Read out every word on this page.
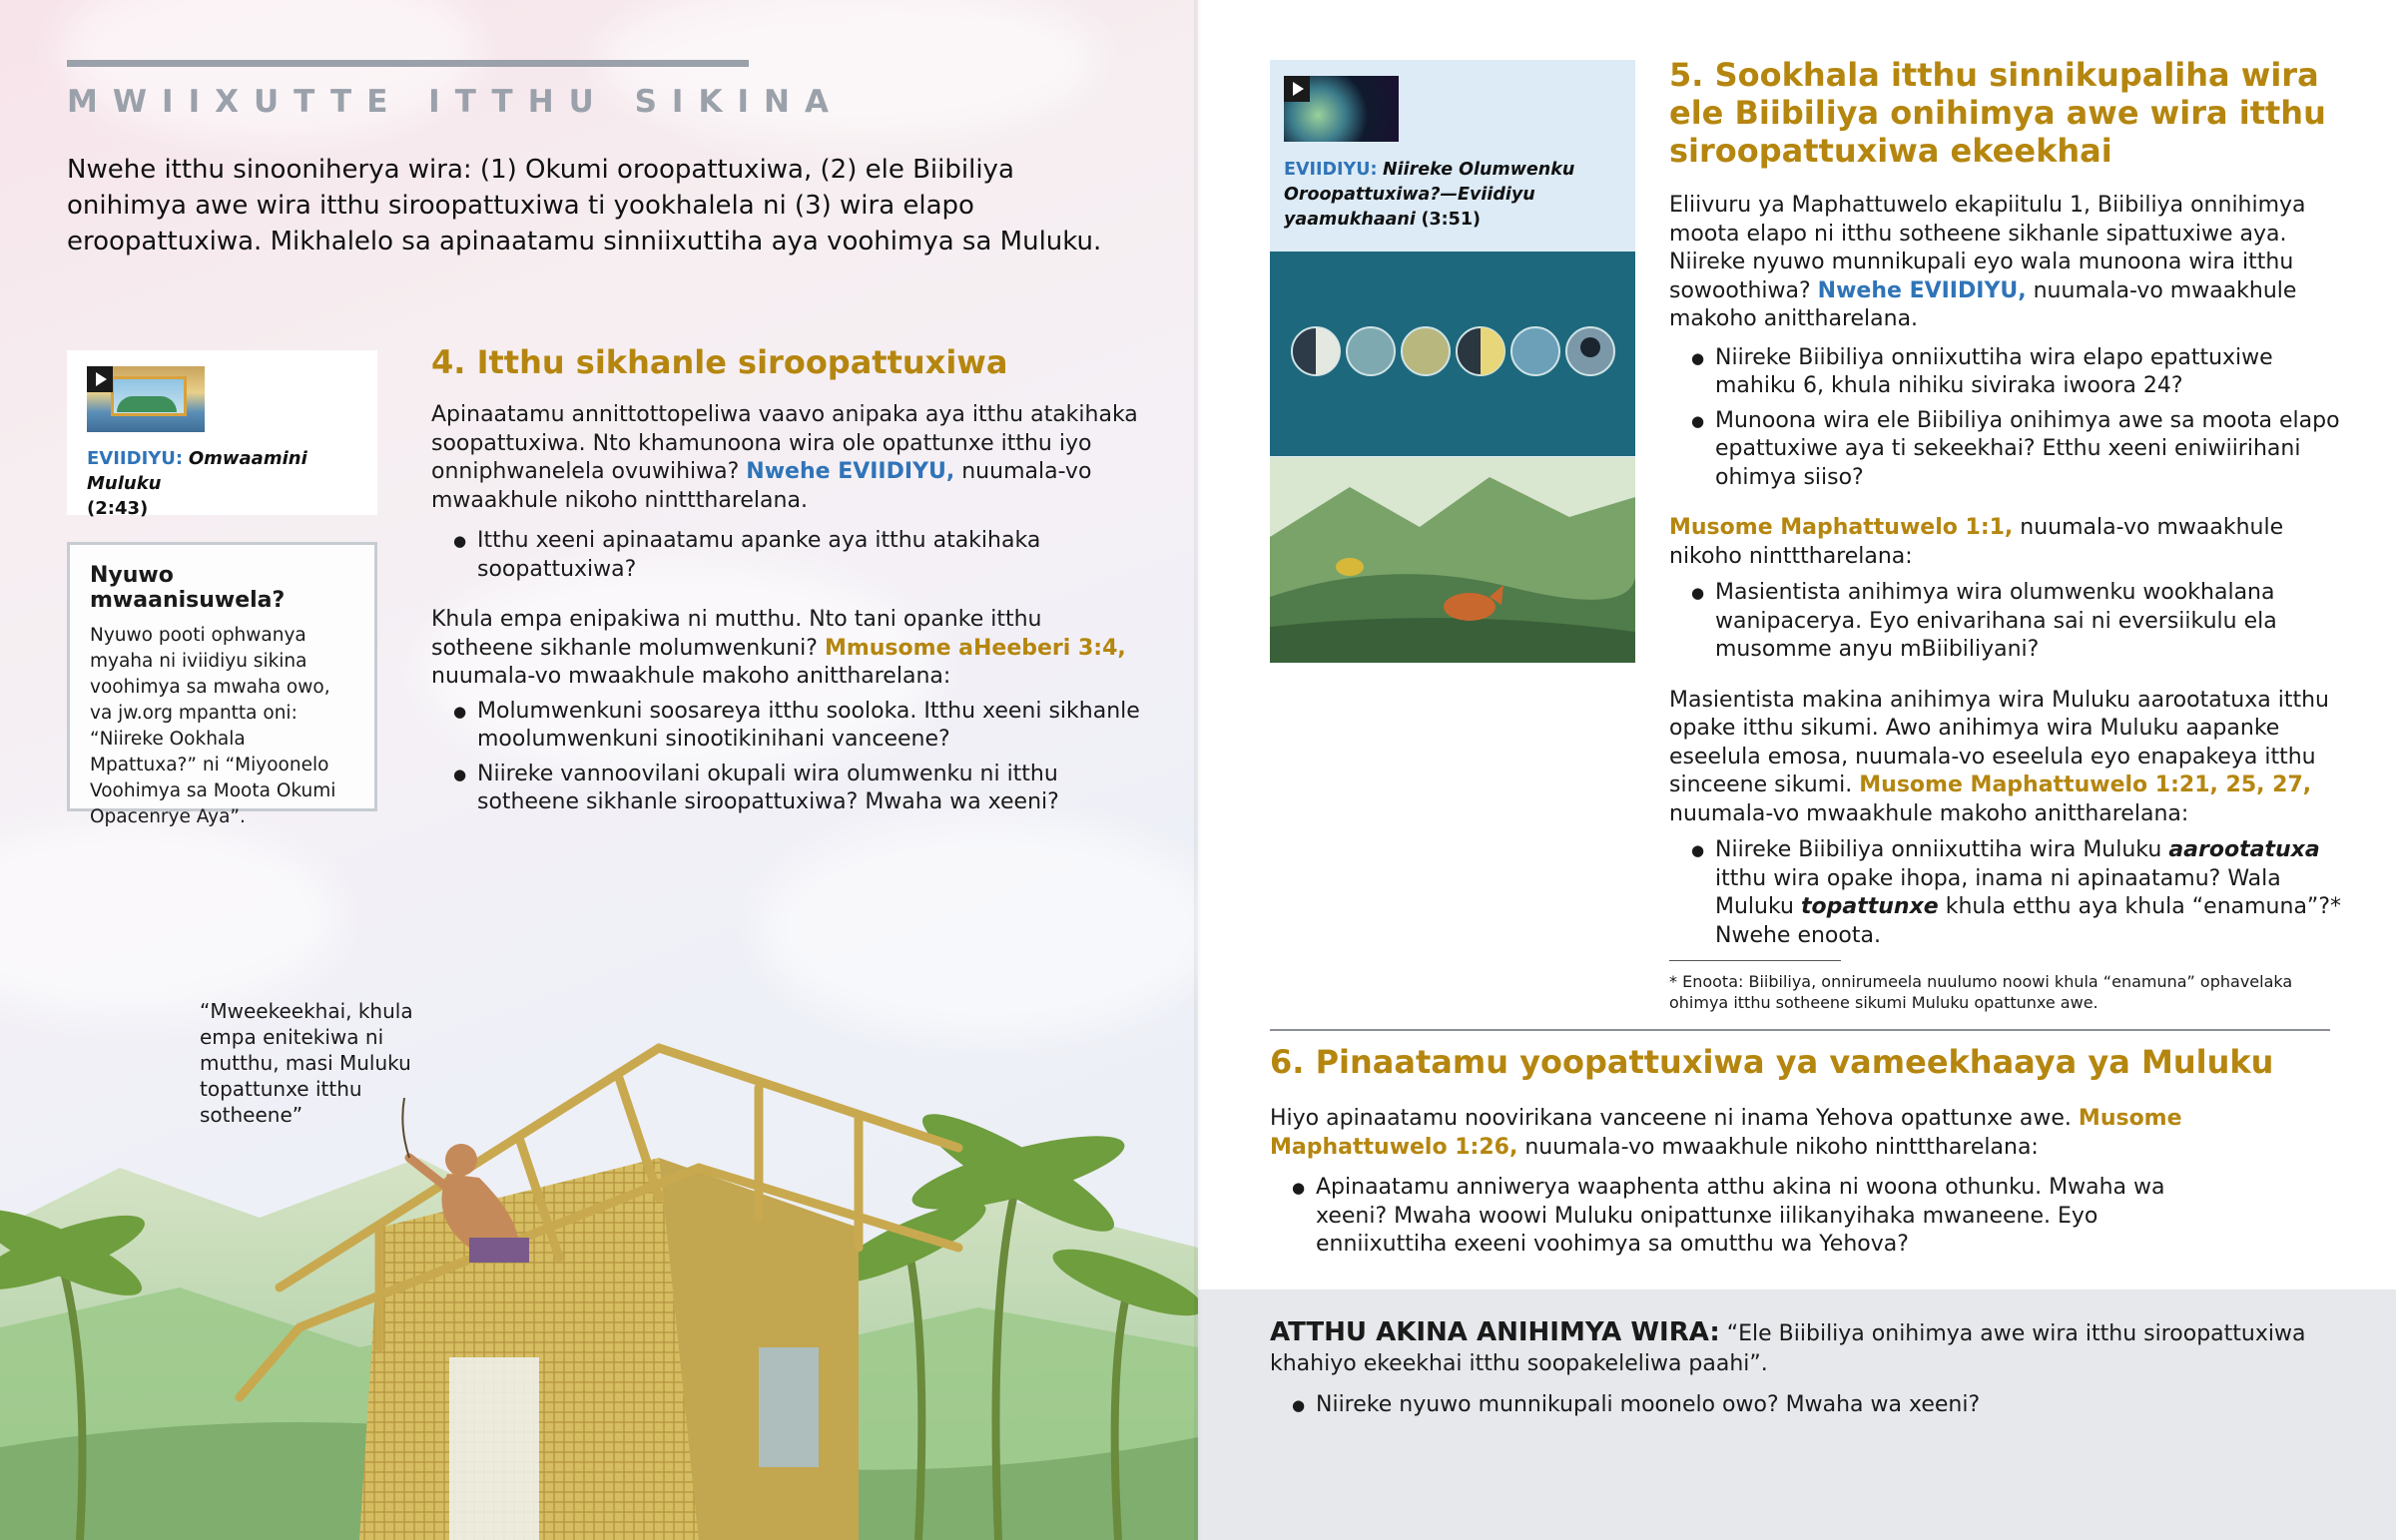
MWIIXUTTE ITTHU SIKINA
Nwehe itthu sinooniherya wira: (1) Okumi oroopattuxiwa, (2) ele Biibiliya onihimya awe wira itthu siroopattuxiwa ti yookhalela ni (3) wira elapo eroopattuxiwa. Mikhalelo sa apinaatamu sinniixuttiha aya voohimya sa Muluku.
EVIIDIYU: Omwaamini Muluku
(2:43)
Nyuwo mwaanisuwela?
Nyuwo pooti ophwanya myaha ni iviidiyu sikina voohimya sa mwaha owo, va jw.org mpantta oni: “Niireke Ookhala Mpattuxa?” ni “Miyoonelo Voohimya sa Moota Okumi Opacenrye Aya”.
4. Itthu sikhanle siroopattuxiwa

Apinaatamu annittottopeliwa vaavo anipaka aya itthu atakihaka soopattuxiwa. Nto khamunoona wira ole opattunxe itthu iyo onniphwanelela ovuwihiwa? Nwehe EVIIDIYU, nuumala-vo mwaakhule nikoho nintttharelana.

● Itthu xeeni apinaatamu apanke aya itthu atakihaka soopattuxiwa?

Khula empa enipakiwa ni mutthu. Nto tani opanke itthu sotheene sikhanle molumwenkuni? Mmusome aHeeberi 3:4, nuumala-vo mwaakhule makoho anittharelana:

● Molumwenkuni soosareya itthu sooloka. Itthu xeeni sikhanle moolumwenkuni sinootikinihani vanceene?
● Niireke vannoovilani okupali wira olumwenku ni itthu sotheene sikhanle siroopattuxiwa? Mwaha wa xeeni?
“Mweekeekhai, khula empa enitekiwa ni mutthu, masi Muluku topattunxe itthu sotheene”
EVIIDIYU: Niireke Olumwenku Oroopattuxiwa?—Eviidiyu yaamukhaani (3:51)
5. Sookhala itthu sinnikupaliha wira ele Biibiliya onihimya awe wira itthu siroopattuxiwa ekeekhai

Eliivuru ya Maphattuwelo ekapiitulu 1, Biibiliya onnihimya moota elapo ni itthu sotheene sikhanle sipattuxiwe aya. Niireke nyuwo munnikupali eyo wala munoona wira itthu sowoothiwa? Nwehe EVIIDIYU, nuumala-vo mwaakhule makoho anittharelana.

● Niireke Biibiliya onniixuttiha wira elapo epattuxiwe mahiku 6, khula nihiku siviraka iwoora 24?
● Munoona wira ele Biibiliya onihimya awe sa moota elapo epattuxiwe aya ti sekeekhai? Etthu xeeni eniwiirihani ohimya siiso?

Musome Maphattuwelo 1:1, nuumala-vo mwaakhule nikoho nintttharelana:

● Masientista anihimya wira olumwenku wookhalana wanipacerya. Eyo enivarihana sai ni eversiikulu ela musomme anyu mBiibiliyani?

Masientista makina anihimya wira Muluku aarootatuxa itthu opake itthu sikumi. Awo anihimya wira Muluku aapanke eseelula emosa, nuumala-vo eseelula eyo enapakeya itthu sinceene sikumi. Musome Maphattuwelo 1:21, 25, 27, nuumala-vo mwaakhule makoho anittharelana:

● Niireke Biibiliya onniixuttiha wira Muluku aarootatuxa itthu wira opake ihopa, inama ni apinaatamu? Wala Muluku topattunxe khula etthu aya khula “enamuna”?* Nwehe enoota.
* Enoota: Biibiliya, onnirumeela nuulumo noowi khula “enamuna” ophavelaka ohimya itthu sotheene sikumi Muluku opattunxe awe.
6. Pinaatamu yoopattuxiwa ya vameekhaaya ya Muluku

Hiyo apinaatamu noovirikana vanceene ni inama Yehova opattunxe awe. Musome Maphattuwelo 1:26, nuumala-vo mwaakhule nikoho nintttharelana:

● Apinaatamu anniwerya waaphenta atthu akina ni woona othunku. Mwaha wa xeeni? Mwaha woowi Muluku onipattunxe iilikanyihaka mwaneene. Eyo enniixuttiha exeeni voohimya sa omutthu wa Yehova?

ATTHU AKINA ANIHIMYA WIRA: “Ele Biibiliya onihimya awe wira itthu siroopattuxiwa khahiyo ekeekhai itthu soopakeleliwa paahi”.

● Niireke nyuwo munnikupali moonelo owo? Mwaha wa xeeni?
